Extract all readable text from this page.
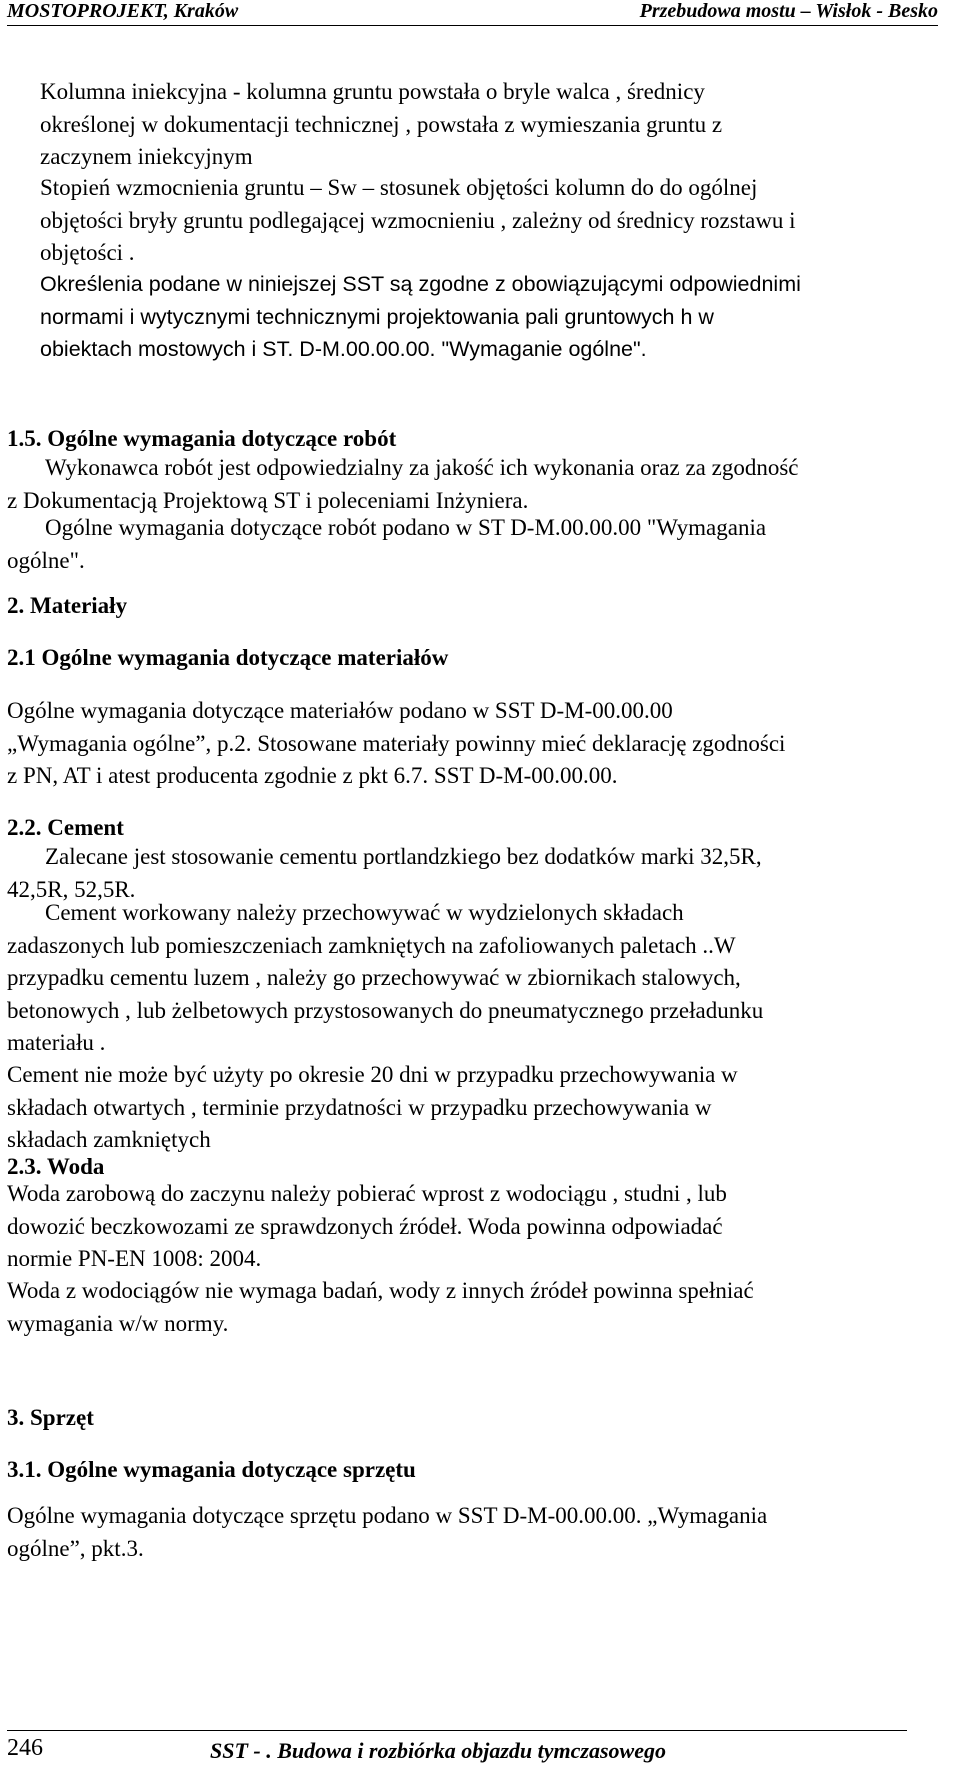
MOSTOPROJEKT, Kraków	Przebudowa mostu – Wisłok - Besko
Kolumna iniekcyjna - kolumna gruntu powstała o bryle walca , średnicy
określonej w dokumentacji technicznej , powstała z wymieszania gruntu z
zaczynem iniekcyjnym
Stopień wzmocnienia gruntu – Sw – stosunek objętości kolumn do do ogólnej
objętości bryły gruntu podlegającej wzmocnieniu , zależny od średnicy rozstawu i
objętości .
Określenia podane w niniejszej SST są zgodne z obowiązującymi odpowiednimi
normami i wytycznymi technicznymi projektowania pali gruntowych h w
obiektach mostowych i ST. D-M.00.00.00. "Wymaganie ogólne".
1.5. Ogólne wymagania dotyczące robót
Wykonawca robót jest odpowiedzialny za jakość ich wykonania oraz za zgodność
z Dokumentacją Projektową ST i poleceniami Inżyniera.
Ogólne wymagania dotyczące robót podano w ST D-M.00.00.00 "Wymagania
ogólne".
2. Materiały
2.1 Ogólne wymagania dotyczące materiałów
Ogólne wymagania dotyczące materiałów podano w SST D-M-00.00.00
„Wymagania ogólne”, p.2. Stosowane materiały powinny mieć deklarację zgodności
z PN, AT i atest producenta zgodnie z pkt 6.7. SST D-M-00.00.00.
2.2. Cement
Zalecane jest stosowanie cementu portlandzkiego bez dodatków marki 32,5R,
42,5R, 52,5R.
Cement workowany należy przechowywać w wydzielonych składach
zadaszonych lub pomieszczeniach zamkniętych na zafoliowanych paletach ..W
przypadku cementu luzem , należy go przechowywać w zbiornikach stalowych,
betonowych , lub żelbetowych przystosowanych do pneumatycznego przeładunku
materiału .
Cement nie może być użyty po okresie 20 dni w przypadku przechowywania w
składach otwartych , terminie przydatności w przypadku przechowywania w
składach zamkniętych
2.3. Woda
Woda zarobową do zaczynu należy pobierać wprost z wodociągu , studni , lub
dowozić beczkowozami ze sprawdzonych źródeł. Woda powinna odpowiadać
normie PN-EN 1008: 2004.
Woda z wodociągów nie wymaga badań, wody z innych źródeł powinna spełniać
wymagania w/w normy.
3. Sprzęt
3.1. Ogólne wymagania dotyczące sprzętu
Ogólne wymagania dotyczące sprzętu podano w SST D-M-00.00.00. „Wymagania
ogólne”, pkt.3.
246	SST - . Budowa i rozbiórka objazdu tymczasowego
